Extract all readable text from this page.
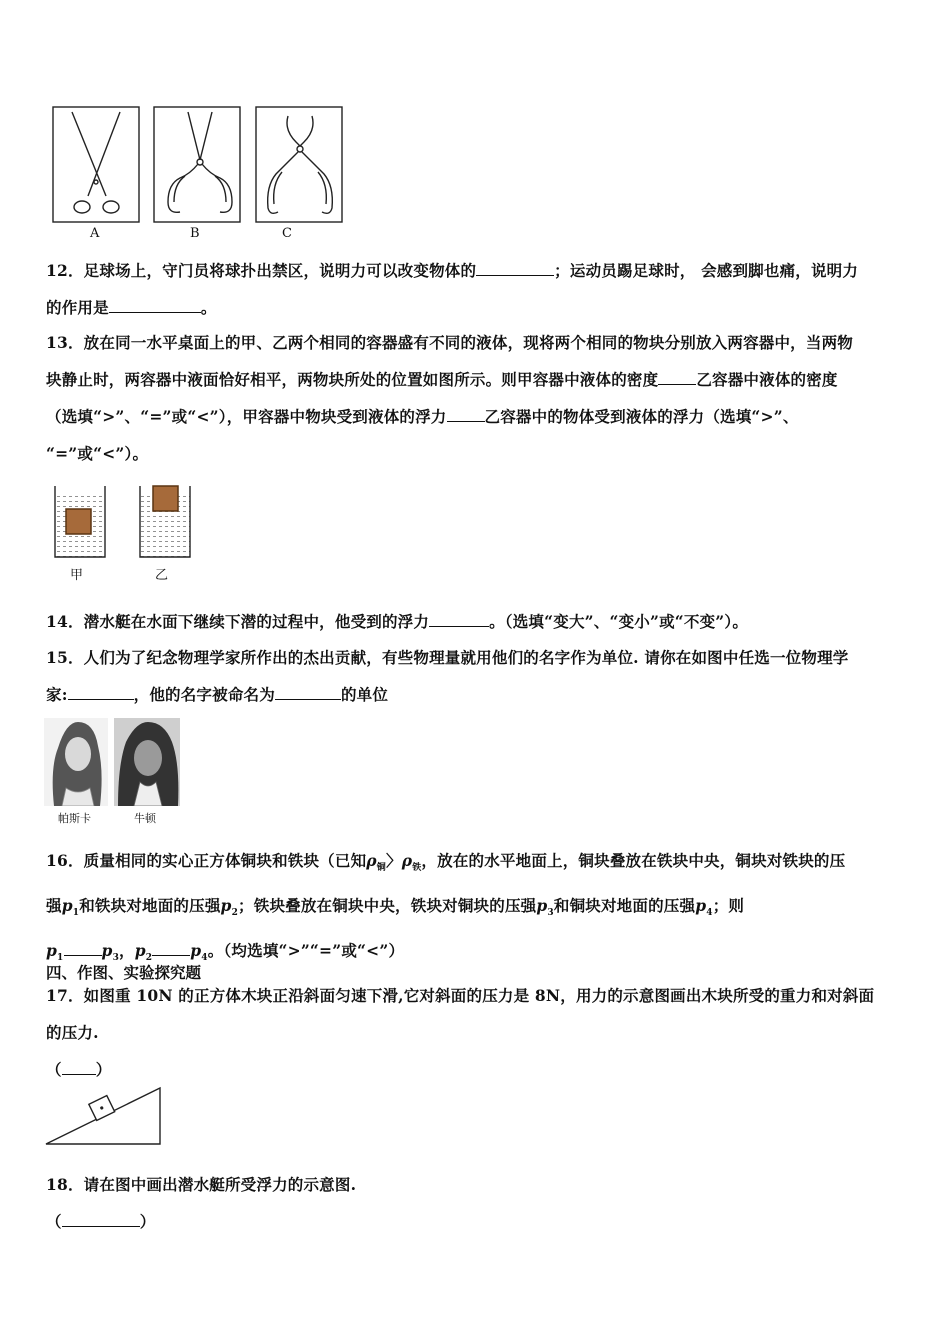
A	B	C
12．足球场上，守门员将球扑出禁区，说明力可以改变物体的	；运动员踢足球时， 会感到脚也痛，说明力
的作用是	。
13．放在同一水平桌面上的甲、乙两个相同的容器盛有不同的液体，现将两个相同的物块分别放入两容器中，当两物
块静止时，两容器中液面恰好相平，两物块所处的位置如图所示。则甲容器中液体的密度 乙容器中液体的密度
（选填“>”、“=”或“<”），甲容器中物块受到液体的浮力 乙容器中的物体受到液体的浮力（选填“>”、
“=”或“<”）。
甲	乙
14．潜水艇在水面下继续下潜的过程中，他受到的浮力	。（选填“变大”、“变小”或“不变”）。
15．人们为了纪念物理学家所作出的杰出贡献，有些物理量就用他们的名字作为单位. 请你在如图中任选一位物理学
家:	，他的名字被命名为	的单位
帕斯卡	牛顿
16．质量相同的实心正方体铜块和铁块（已知$\rho_铜$〉$\rho_铁$，放在的水平地面上，铜块叠放在铁块中央，铜块对铁块的压
强$p_1$和铁块对地面的压强$p_2$；铁块叠放在铜块中央，铁块对铜块的压强$p_3$和铜块对地面的压强$p_4$；则
$p_1$ $p_3$，$p_2$ $p_4$。（均选填“>”“=”或“<”）
四、作图、实验探究题
17．如图重 10N 的正方体木块正沿斜面匀速下滑,它对斜面的压力是 8N，用力的示意图画出木块所受的重力和对斜面
的压力.
（ ）
18．请在图中画出潜水艇所受浮力的示意图.
（	）
